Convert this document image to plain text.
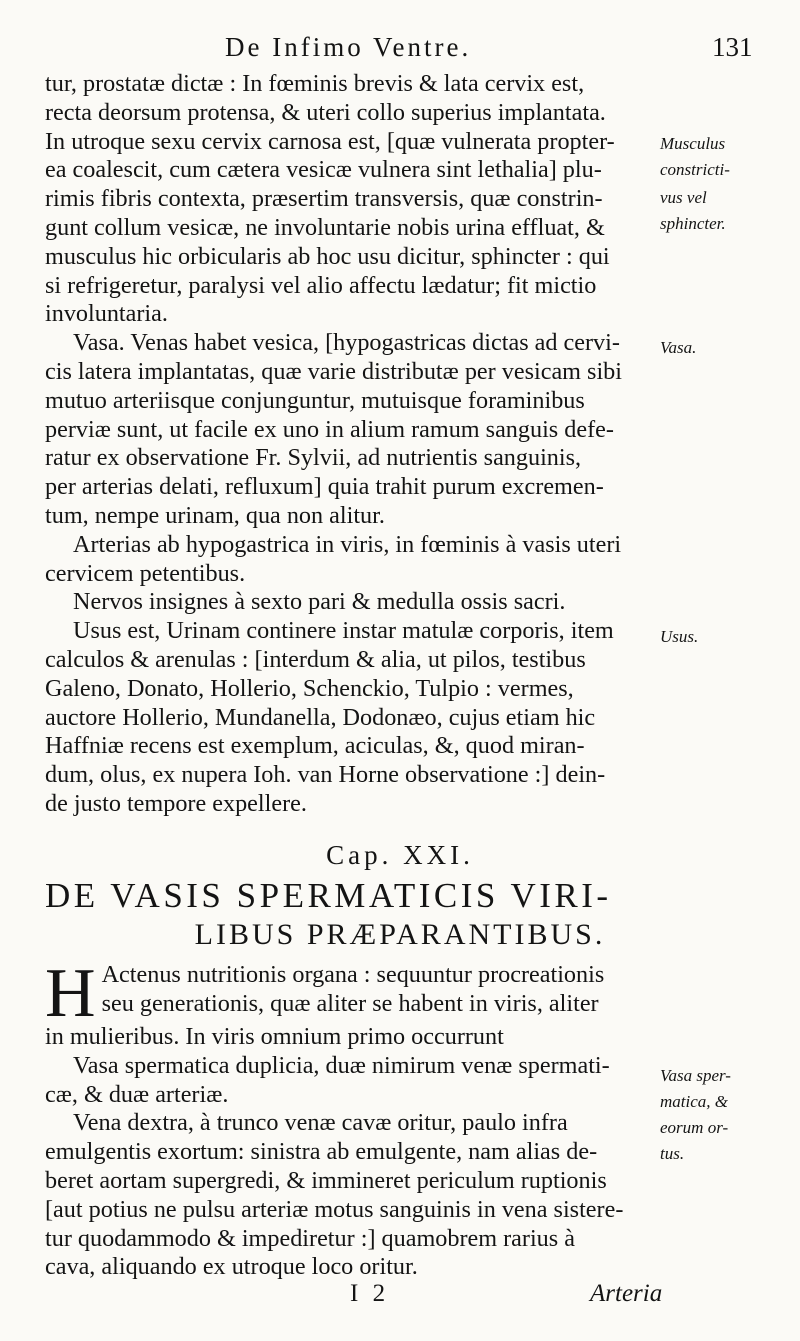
De Infimo Ventre.	131
tur, prostatæ dictæ : In fœminis brevis & lata cervix est,
recta deorsum protensa, & uteri collo superius implantata.
In utroque sexu cervix carnosa est, [quæ vulnerata propter-
ea coalescit, cum cætera vesicæ vulnera sint lethalia] plu-
rimis fibris contexta, præsertim transversis, quæ constrin-
gunt collum vesicæ, ne involuntarie nobis urina effluat, &
musculus hic orbicularis ab hoc usu dicitur, sphincter : qui
si refrigeretur, paralysi vel alio affectu lædatur; fit mictio
involuntaria.
Vasa. Venas habet vesica, [hypogastricas dictas ad cervi-
cis latera implantatas, quæ varie distributæ per vesicam sibi
mutuo arteriisque conjunguntur, mutuisque foraminibus
perviæ sunt, ut facile ex uno in alium ramum sanguis defe-
ratur ex observatione Fr. Sylvii, ad nutrientis sanguinis,
per arterias delati, refluxum] quia trahit purum excremen-
tum, nempe urinam, qua non alitur.
Arterias ab hypogastrica in viris, in fœminis à vasis uteri
cervicem petentibus.
Nervos insignes à sexto pari & medulla ossis sacri.
Usus est, Urinam continere instar matulæ corporis, item
calculos & arenulas : [interdum & alia, ut pilos, testibus
Galeno, Donato, Hollerio, Schenckio, Tulpio : vermes,
auctore Hollerio, Mundanella, Dodonæo, cujus etiam hic
Haffniæ recens est exemplum, aciculas, &, quod miran-
dum, olus, ex nupera Ioh. van Horne observatione :] dein-
de justo tempore expellere.
Musculus
constricti-
vus vel
sphincter.
Vasa.
Usus.
Vasa sper-
matica, &
eorum or-
tus.
Cap. XXI.
DE VASIS SPERMATICIS VIRI-
LIBUS PRÆPARANTIBUS.
H Actenus nutritionis organa : sequuntur procreationis
seu generationis, quæ aliter se habent in viris, aliter
in mulieribus. In viris omnium primo occurrunt
Vasa spermatica duplicia, duæ nimirum venæ spermati-
cæ, & duæ arteriæ.
Vena dextra, à trunco venæ cavæ oritur, paulo infra
emulgentis exortum: sinistra ab emulgente, nam alias de-
beret aortam supergredi, & immineret periculum ruptionis
[aut potius ne pulsu arteriæ motus sanguinis in vena sistere-
tur quodammodo & impediretur :] quamobrem rarius à
cava, aliquando ex utroque loco oritur.
I 2	Arteria
